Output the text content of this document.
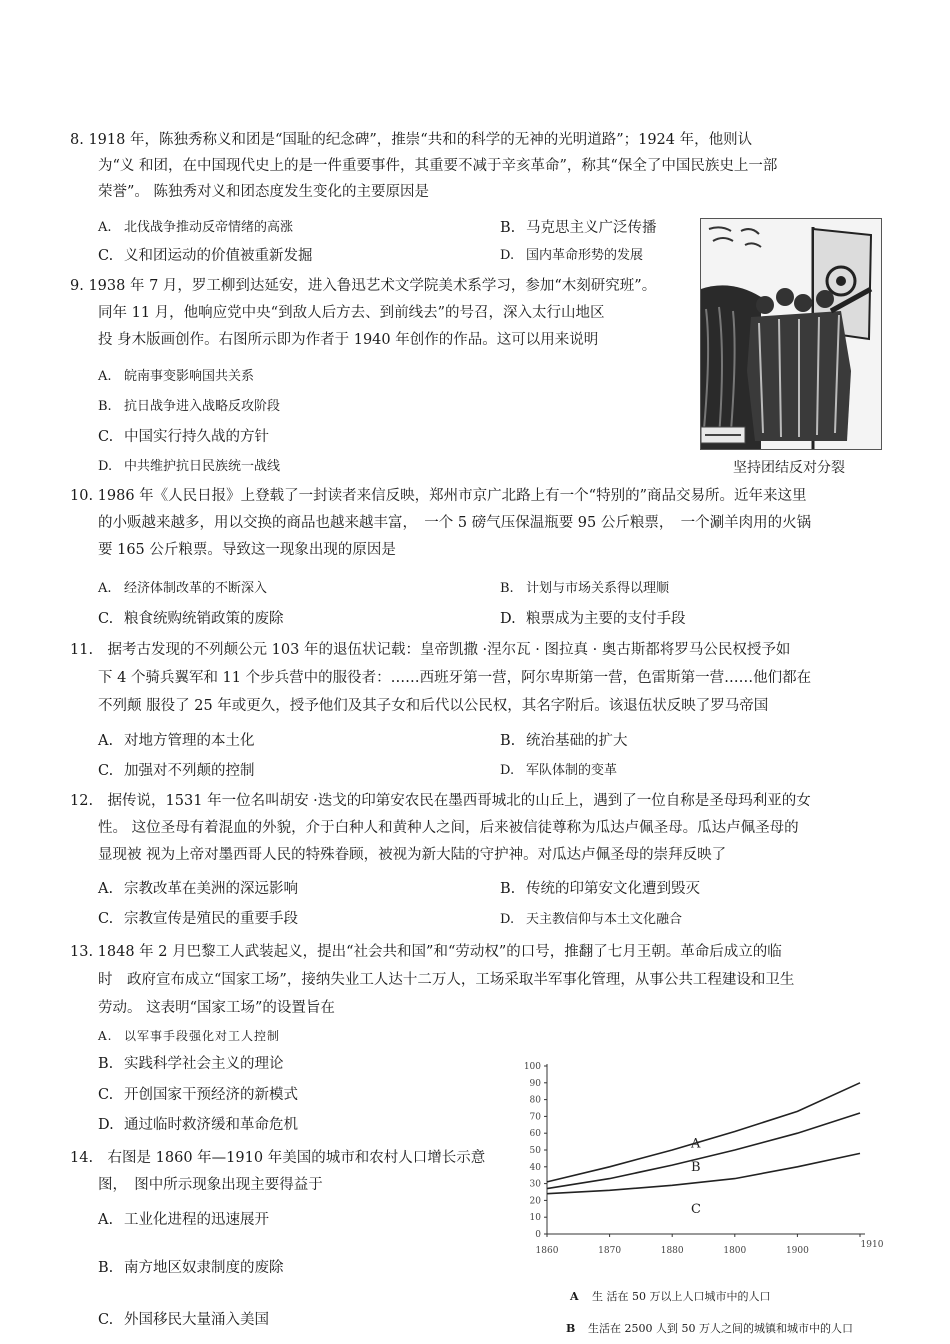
8. 1918 年，陈独秀称义和团是“国耻的纪念碑”，推崇“共和的科学的无神的光明道路”；1924 年，他则认

为“义 和团，在中国现代史上的是一件重要事件，其重要不减于辛亥革命”，称其“保全了中国民族史上一部

荣誉”。 陈独秀对义和团态度发生变化的主要原因是

A. 北伐战争推动反帝情绪的高涨	B. 马克思主义广泛传播
C. 义和团运动的价值被重新发掘	D. 国内革命形势的发展

9. 1938 年 7 月，罗工柳到达延安，进入鲁迅艺术文学院美术系学习，参加“木刻研究班”。

同年 11 月，他响应党中央“到敌人后方去、到前线去”的号召，深入太行山地区

投 身木版画创作。右图所示即为作者于 1940 年创作的作品。这可以用来说明

A. 皖南事变影响国共关系
B. 抗日战争进入战略反攻阶段
C. 中国实行持久战的方针
D. 中共维护抗日民族统一战线	坚持团结反对分裂

10. 1986 年《人民日报》上登载了一封读者来信反映，郑州市京广北路上有一个“特别的”商品交易所。近年来这里

的小贩越来越多，用以交换的商品也越来越丰富，　一个 5 磅气压保温瓶要 95 公斤粮票，　一个涮羊肉用的火锅

要 165 公斤粮票。导致这一现象出现的原因是

A. 经济体制改革的不断深入	B. 计划与市场关系得以理顺
C. 粮食统购统销政策的废除	D. 粮票成为主要的支付手段

11.　据考古发现的不列颠公元 103 年的退伍状记载：皇帝凯撒 ·涅尔瓦 · 图拉真 · 奥古斯都将罗马公民权授予如

下 4 个骑兵翼军和 11 个步兵营中的服役者：……西班牙第一营，阿尔卑斯第一营，色雷斯第一营……他们都在

不列颠 服役了 25 年或更久，授予他们及其子女和后代以公民权，其名字附后。该退伍状反映了罗马帝国

A. 对地方管理的本土化	B. 统治基础的扩大
C. 加强对不列颠的控制	D. 军队体制的变革

12.　据传说，1531 年一位名叫胡安 ·迭戈的印第安农民在墨西哥城北的山丘上，遇到了一位自称是圣母玛利亚的女

性。 这位圣母有着混血的外貌，介于白种人和黄种人之间，后来被信徒尊称为瓜达卢佩圣母。瓜达卢佩圣母的

显现被 视为上帝对墨西哥人民的特殊眷顾，被视为新大陆的守护神。对瓜达卢佩圣母的崇拜反映了

A. 宗教改革在美洲的深远影响	B. 传统的印第安文化遭到毁灭
C. 宗教宣传是殖民的重要手段	D. 天主教信仰与本土文化融合

13. 1848 年 2 月巴黎工人武装起义，提出“社会共和国”和“劳动权”的口号，推翻了七月王朝。革命后成立的临

时　政府宣布成立“国家工场”，接纳失业工人达十二万人，工场采取半军事化管理，从事公共工程建设和卫生

劳动。 这表明“国家工场”的设置旨在

A. 以军事手段强化对工人控制
B. 实践科学社会主义的理论
C. 开创国家干预经济的新模式
D. 通过临时救济缓和革命危机

14.　右图是 1860 年—1910 年美国的城市和农村人口增长示意

图，　图中所示现象出现主要得益于

A. 工业化进程的迅速展开
B. 南方地区奴隶制度的废除
C. 外国移民大量涌入美国
0
10
20
30
40
50
60
70
80
90
100
1860	1870	1880	1800	1900
1910
A
B
C
A 生 活在 50 万以上人口城市中的人口
B 生活在 2500 人到 50 万人之间的城镇和城市中的人口
